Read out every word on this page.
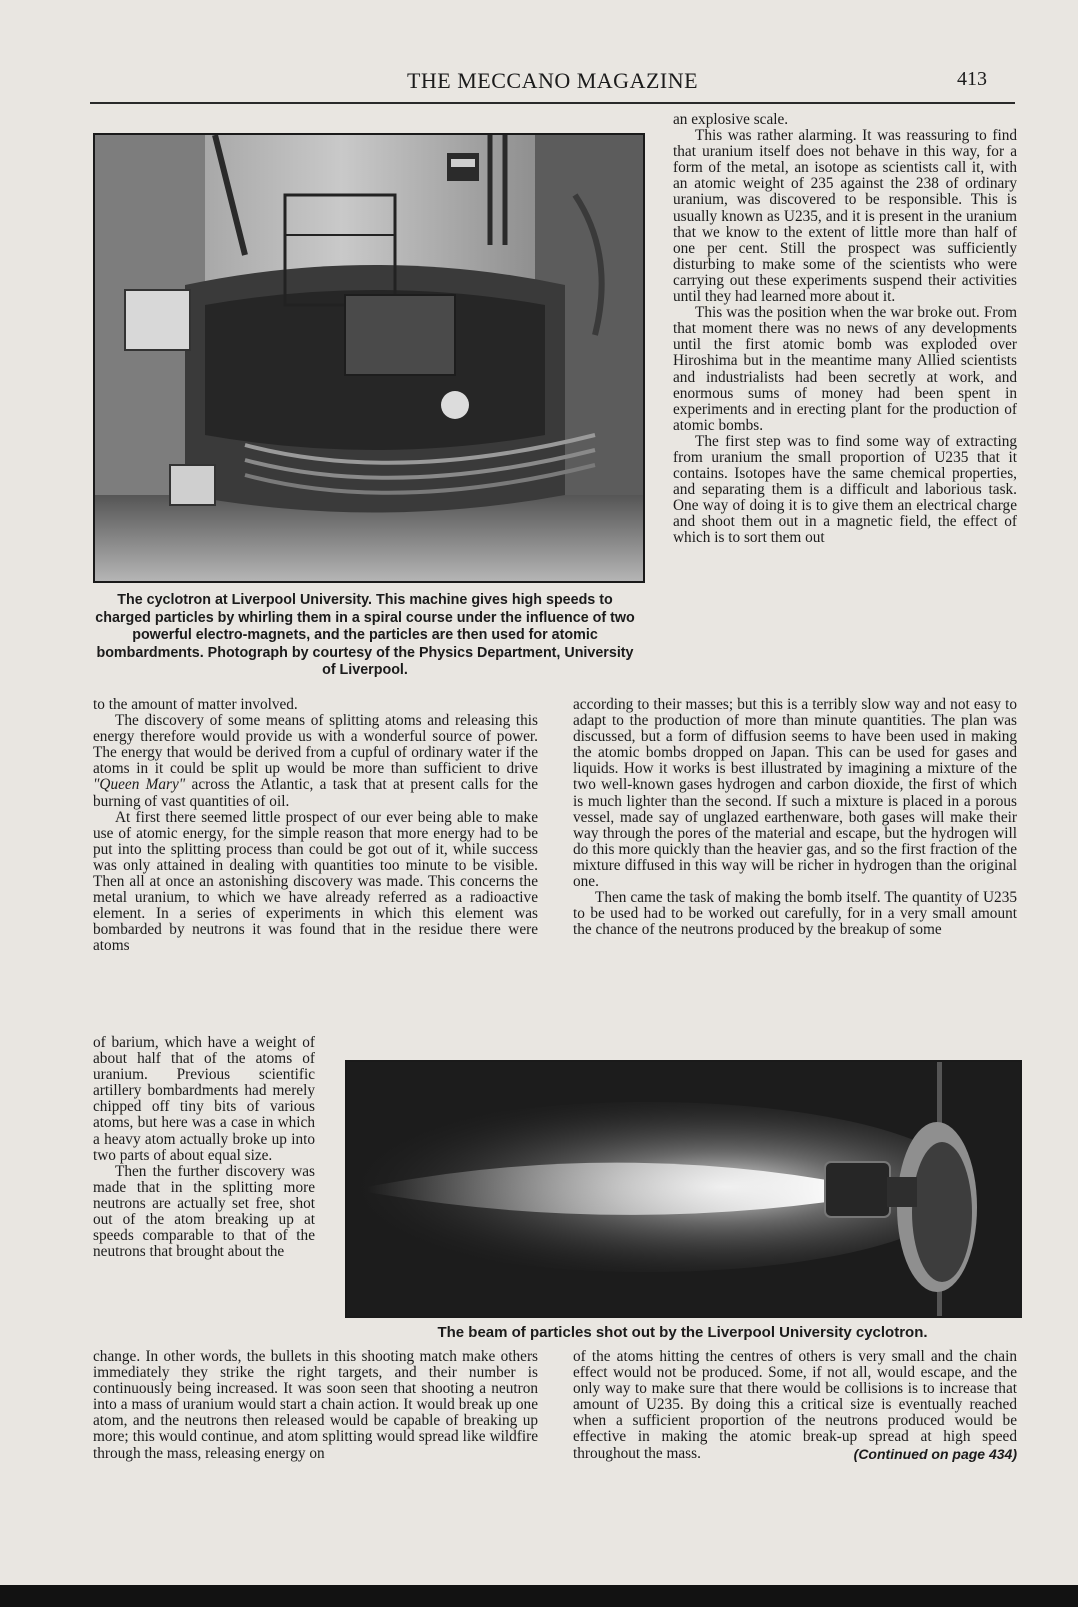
THE MECCANO MAGAZINE	413
The cyclotron at Liverpool University. This machine gives high speeds to charged particles by whirling them in a spiral course under the influence of two powerful electro-magnets, and the particles are then used for atomic bombardments. Photograph by courtesy of the Physics Department, University of Liverpool.

an explosive scale.

This was rather alarming. It was reassuring to find that uranium itself does not behave in this way, for a form of the metal, an isotope as scientists call it, with an atomic weight of 235 against the 238 of ordinary uranium, was discovered to be responsible. This is usually known as U235, and it is present in the uranium that we know to the extent of little more than half of one per cent. Still the prospect was sufficiently disturbing to make some of the scientists who were carrying out these experiments suspend their activities until they had learned more about it.

This was the position when the war broke out. From that moment there was no news of any developments until the first atomic bomb was exploded over Hiroshima but in the meantime many Allied scientists and industrialists had been secretly at work, and enormous sums of money had been spent in experiments and in erecting plant for the production of atomic bombs.

The first step was to find some way of extracting from uranium the small proportion of U235 that it contains. Isotopes have the same chemical properties, and separating them is a difficult and laborious task. One way of doing it is to give them an electrical charge and shoot them out in a magnetic field, the effect of which is to sort them out

to the amount of matter involved.

The discovery of some means of splitting atoms and releasing this energy therefore would provide us with a wonderful source of power. The energy that would be derived from a cupful of ordinary water if the atoms in it could be split up would be more than sufficient to drive "Queen Mary" across the Atlantic, a task that at present calls for the burning of vast quantities of oil.

At first there seemed little prospect of our ever being able to make use of atomic energy, for the simple reason that more energy had to be put into the splitting process than could be got out of it, while success was only attained in dealing with quantities too minute to be visible. Then all at once an astonishing discovery was made. This concerns the metal uranium, to which we have already referred as a radioactive element. In a series of experiments in which this element was bombarded by neutrons it was found that in the residue there were atoms

according to their masses; but this is a terribly slow way and not easy to adapt to the production of more than minute quantities. The plan was discussed, but a form of diffusion seems to have been used in making the atomic bombs dropped on Japan. This can be used for gases and liquids. How it works is best illustrated by imagining a mixture of the two well-known gases hydrogen and carbon dioxide, the first of which is much lighter than the second. If such a mixture is placed in a porous vessel, made say of unglazed earthenware, both gases will make their way through the pores of the material and escape, but the hydrogen will do this more quickly than the heavier gas, and so the first fraction of the mixture diffused in this way will be richer in hydrogen than the original one.

Then came the task of making the bomb itself. The quantity of U235 to be used had to be worked out carefully, for in a very small amount the chance of the neutrons produced by the breakup of some

of barium, which have a weight of about half that of the atoms of uranium. Previous scientific artillery bombardments had merely chipped off tiny bits of various atoms, but here was a case in which a heavy atom actually broke up into two parts of about equal size.

Then the further discovery was made that in the splitting more neutrons are actually set free, shot out of the atom breaking up at speeds comparable to that of the neutrons that brought about the

The beam of particles shot out by the Liverpool University cyclotron.

change. In other words, the bullets in this shooting match make others immediately they strike the right targets, and their number is continuously being increased. It was soon seen that shooting a neutron into a mass of uranium would start a chain action. It would break up one atom, and the neutrons then released would be capable of breaking up more; this would continue, and atom splitting would spread like wildfire through the mass, releasing energy on

of the atoms hitting the centres of others is very small and the chain effect would not be produced. Some, if not all, would escape, and the only way to make sure that there would be collisions is to increase that amount of U235. By doing this a critical size is eventually reached when a sufficient proportion of the neutrons produced would be effective in making the atomic break-up spread at high speed throughout the mass.	(Continued on page 434)
